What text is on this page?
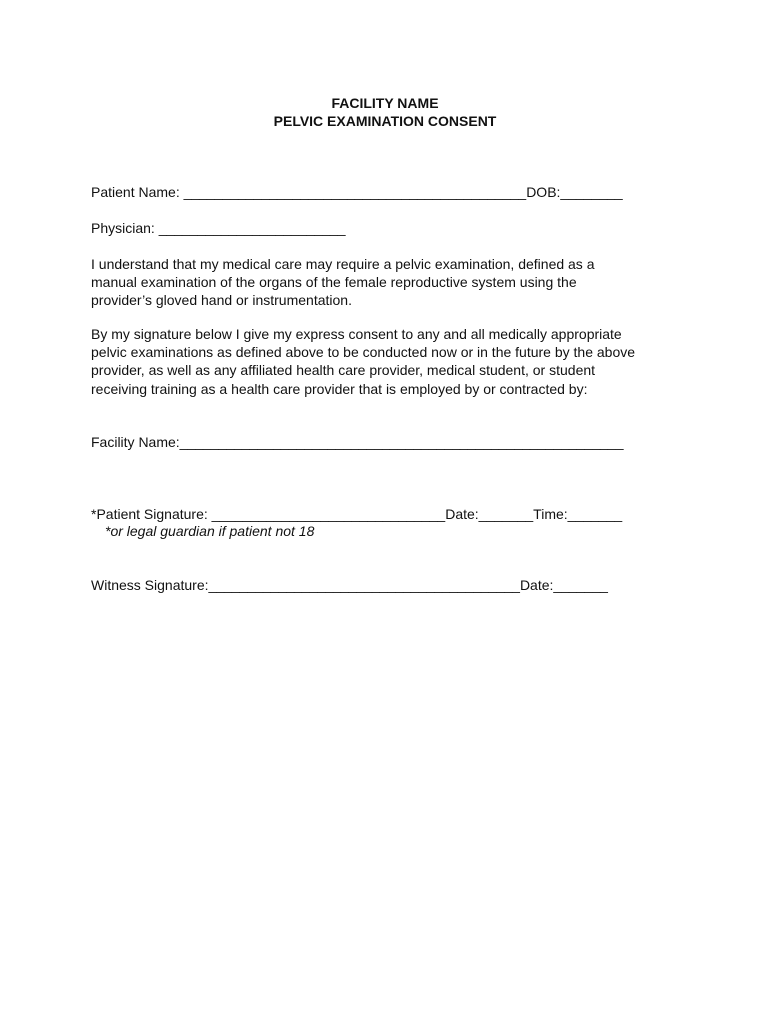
FACILITY NAME
PELVIC EXAMINATION CONSENT
Patient Name: ____________________________________________DOB:________
Physician: ________________________
I understand that my medical care may require a pelvic examination, defined as a
manual examination of the organs of the female reproductive system using the
provider’s gloved hand or instrumentation.
By my signature below I give my express consent to any and all medically appropriate
pelvic examinations as defined above to be conducted now or in the future by the above
provider, as well as any affiliated health care provider, medical student, or student
receiving training as a health care provider that is employed by or contracted by:
Facility Name:_________________________________________________________
*Patient Signature: ______________________________Date:_______Time:_______
*or legal guardian if patient not 18
Witness Signature:________________________________________Date:_______
